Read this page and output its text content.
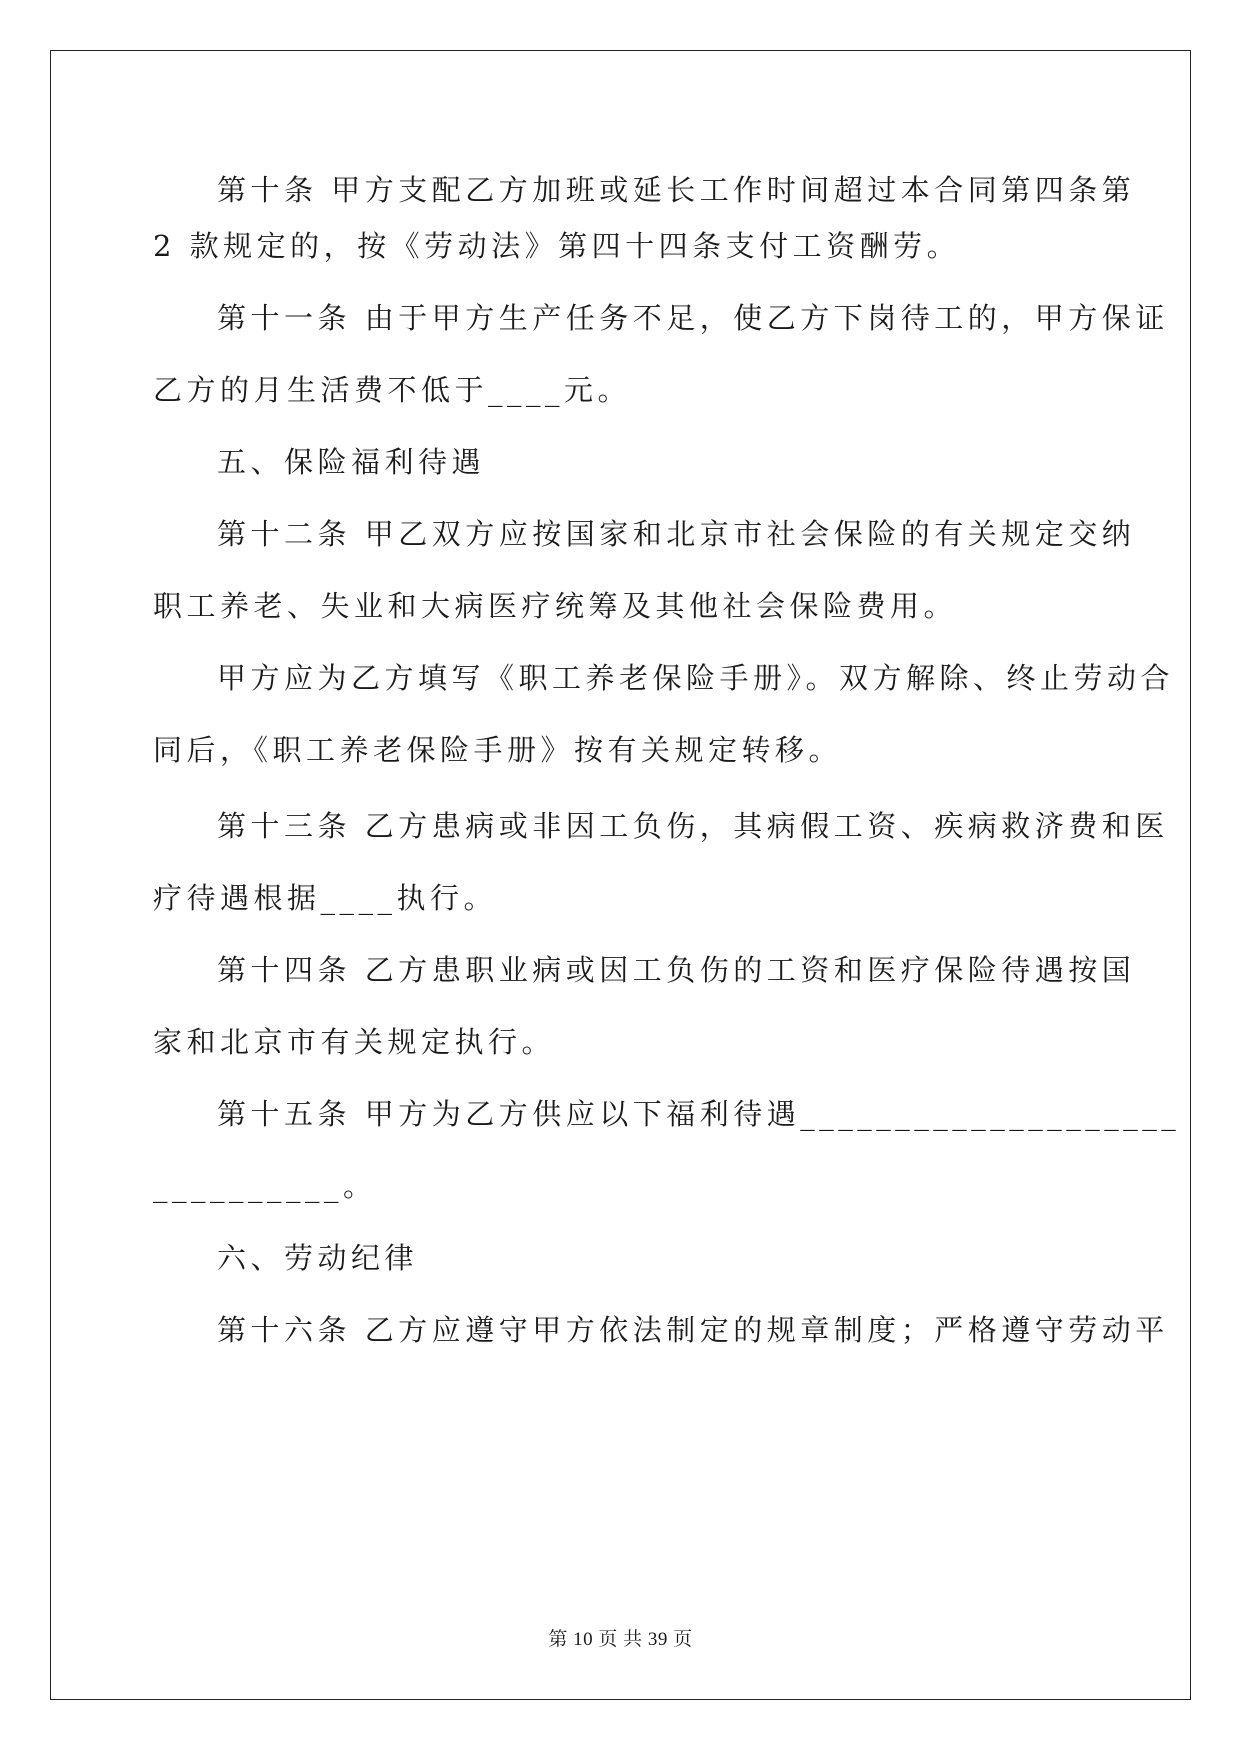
第十条 甲方支配乙方加班或延长工作时间超过本合同第四条第
2 款规定的，按《劳动法》第四十四条支付工资酬劳。
第十一条 由于甲方生产任务不足，使乙方下岗待工的，甲方保证
乙方的月生活费不低于____元。
五、保险福利待遇
第十二条 甲乙双方应按国家和北京市社会保险的有关规定交纳
职工养老、失业和大病医疗统筹及其他社会保险费用。
甲方应为乙方填写《职工养老保险手册》。双方解除、终止劳动合
同后，《职工养老保险手册》按有关规定转移。
第十三条 乙方患病或非因工负伤，其病假工资、疾病救济费和医
疗待遇根据____执行。
第十四条 乙方患职业病或因工负伤的工资和医疗保险待遇按国
家和北京市有关规定执行。
第十五条 甲方为乙方供应以下福利待遇____________________
__________。
六、劳动纪律
第十六条 乙方应遵守甲方依法制定的规章制度；严格遵守劳动平
第 10 页 共 39 页
